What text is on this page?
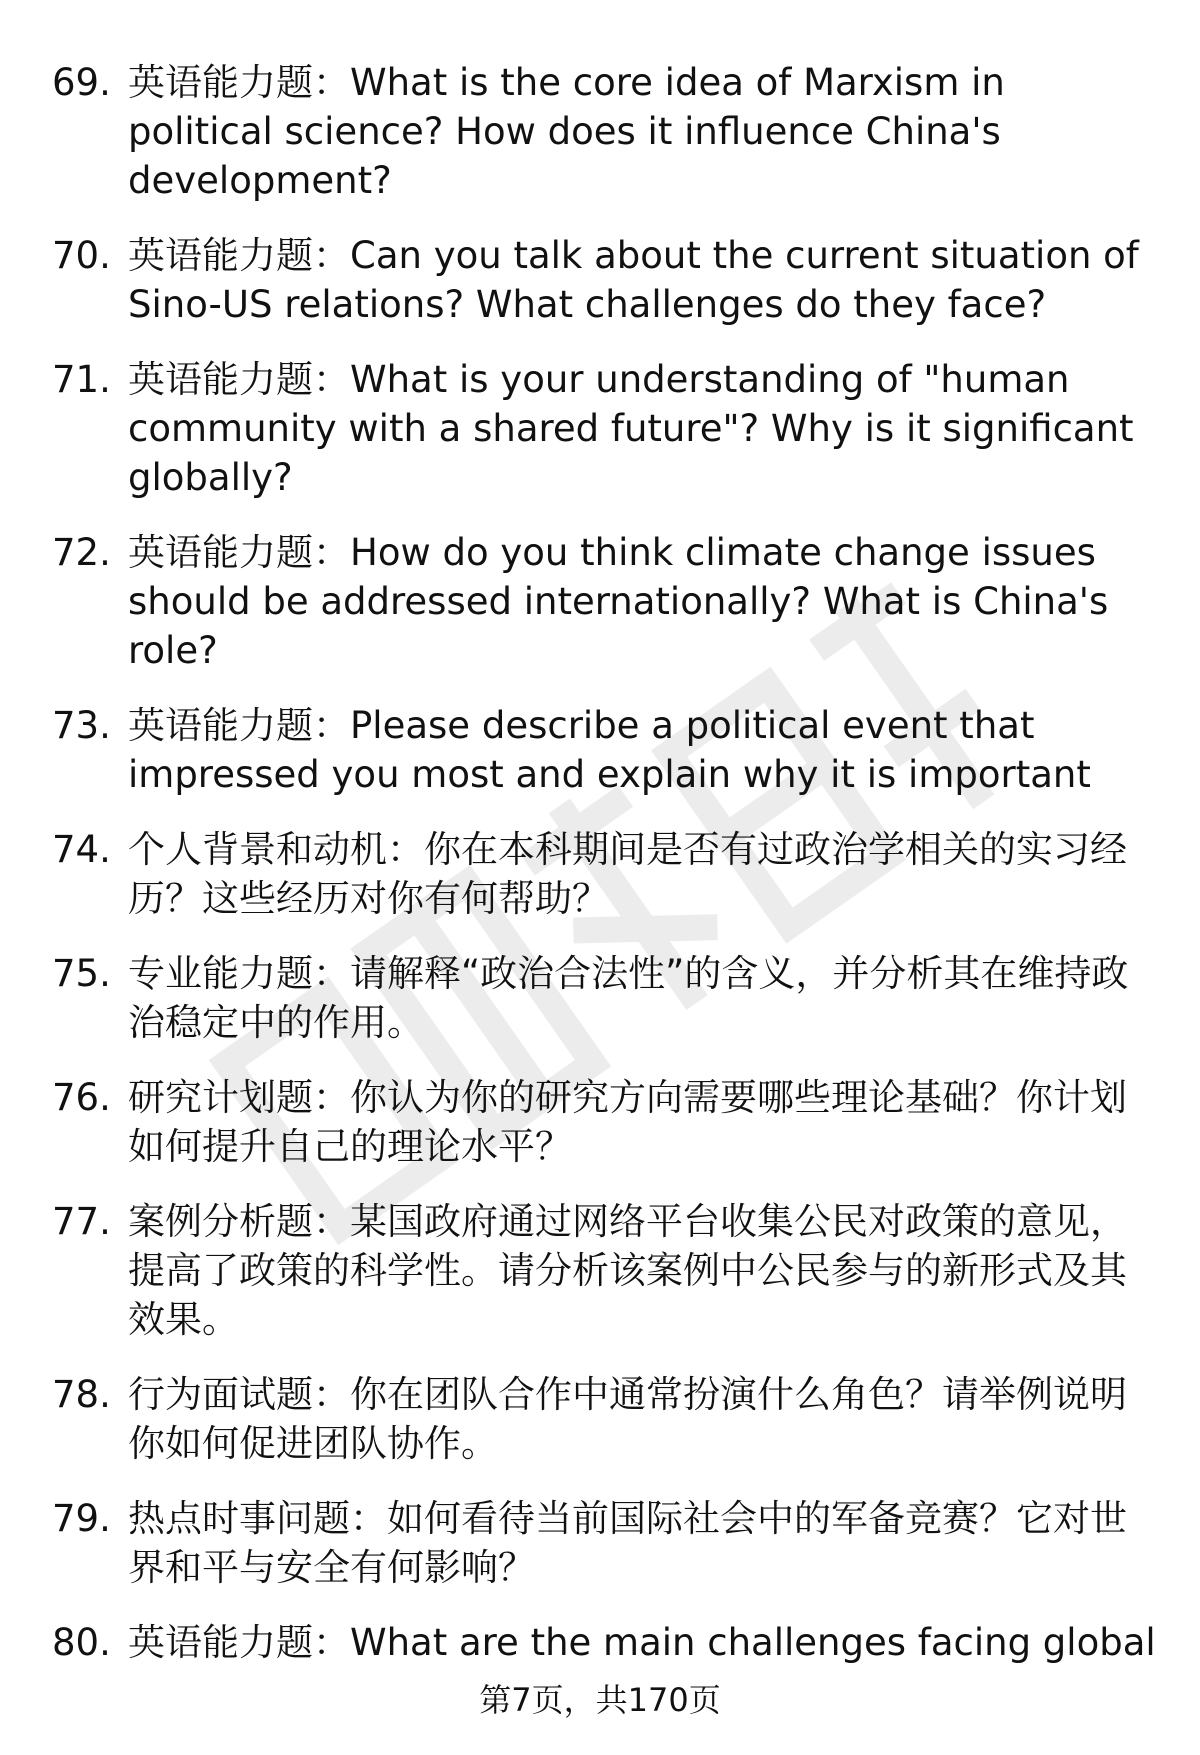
69. 英语能力题：What is the core idea of Marxism in political science? How does it influence China's development?
70. 英语能力题：Can you talk about the current situation of Sino-US relations? What challenges do they face?
71. 英语能力题：What is your understanding of "human community with a shared future"? Why is it significant globally?
72. 英语能力题：How do you think climate change issues should be addressed internationally? What is China's role?
73. 英语能力题：Please describe a political event that impressed you most and explain why it is important
74. 个人背景和动机：你在本科期间是否有过政治学相关的实习经历？这些经历对你有何帮助？
75. 专业能力题：请解释“政治合法性”的含义，并分析其在维持政治稳定中的作用。
76. 研究计划题：你认为你的研究方向需要哪些理论基础？你计划如何提升自己的理论水平？
77. 案例分析题：某国政府通过网络平台收集公民对政策的意见，提高了政策的科学性。请分析该案例中公民参与的新形式及其效果。
78. 行为面试题：你在团队合作中通常扮演什么角色？请举例说明你如何促进团队协作。
79. 热点时事问题：如何看待当前国际社会中的军备竞赛？它对世界和平与安全有何影响？
80. 英语能力题：What are the main challenges facing global
第7页，共170页
